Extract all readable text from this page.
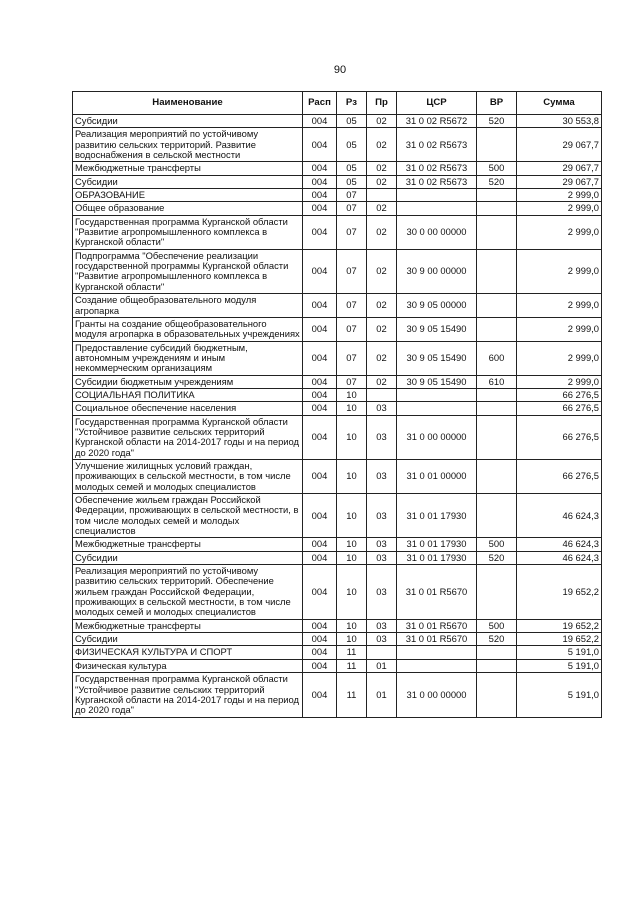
90
Наименование	Расп	Рз	Пр	ЦСР	ВР	Сумма
Субсидии	004	05	02	31 0 02 R5672	520	30 553,8
Реализация мероприятий по устойчивому развитию сельских территорий. Развитие водоснабжения в сельской местности	004	05	02	31 0 02 R5673		29 067,7
Межбюджетные трансферты	004	05	02	31 0 02 R5673	500	29 067,7
Субсидии	004	05	02	31 0 02 R5673	520	29 067,7
ОБРАЗОВАНИЕ	004	07				2 999,0
Общее образование	004	07	02			2 999,0
Государственная программа Курганской области "Развитие агропромышленного комплекса в Курганской области"	004	07	02	30 0 00 00000		2 999,0
Подпрограмма "Обеспечение реализации государственной программы Курганской области "Развитие агропромышленного комплекса в Курганской области"	004	07	02	30 9 00 00000		2 999,0
Создание общеобразовательного модуля агропарка	004	07	02	30 9 05 00000		2 999,0
Гранты на создание общеобразовательного модуля агропарка в образовательных учреждениях	004	07	02	30 9 05 15490		2 999,0
Предоставление субсидий бюджетным, автономным учреждениям и иным некоммерческим организациям	004	07	02	30 9 05 15490	600	2 999,0
Субсидии бюджетным учреждениям	004	07	02	30 9 05 15490	610	2 999,0
СОЦИАЛЬНАЯ ПОЛИТИКА	004	10				66 276,5
Социальное обеспечение населения	004	10	03			66 276,5
Государственная программа Курганской области "Устойчивое развитие сельских территорий Курганской области на 2014-2017 годы и на период до 2020 года"	004	10	03	31 0 00 00000		66 276,5
Улучшение жилищных условий граждан, проживающих в сельской местности, в том числе молодых семей и молодых специалистов	004	10	03	31 0 01 00000		66 276,5
Обеспечение жильем граждан Российской Федерации, проживающих в сельской местности, в том числе молодых семей и молодых специалистов	004	10	03	31 0 01 17930		46 624,3
Межбюджетные трансферты	004	10	03	31 0 01 17930	500	46 624,3
Субсидии	004	10	03	31 0 01 17930	520	46 624,3
Реализация мероприятий по устойчивому развитию сельских территорий. Обеспечение жильем граждан Российской Федерации, проживающих в сельской местности, в том числе молодых семей и молодых специалистов	004	10	03	31 0 01 R5670		19 652,2
Межбюджетные трансферты	004	10	03	31 0 01 R5670	500	19 652,2
Субсидии	004	10	03	31 0 01 R5670	520	19 652,2
ФИЗИЧЕСКАЯ КУЛЬТУРА И СПОРТ	004	11				5 191,0
Физическая культура	004	11	01			5 191,0
Государственная программа Курганской области "Устойчивое развитие сельских территорий Курганской области на 2014-2017 годы и на период до 2020 года"	004	11	01	31 0 00 00000		5 191,0
